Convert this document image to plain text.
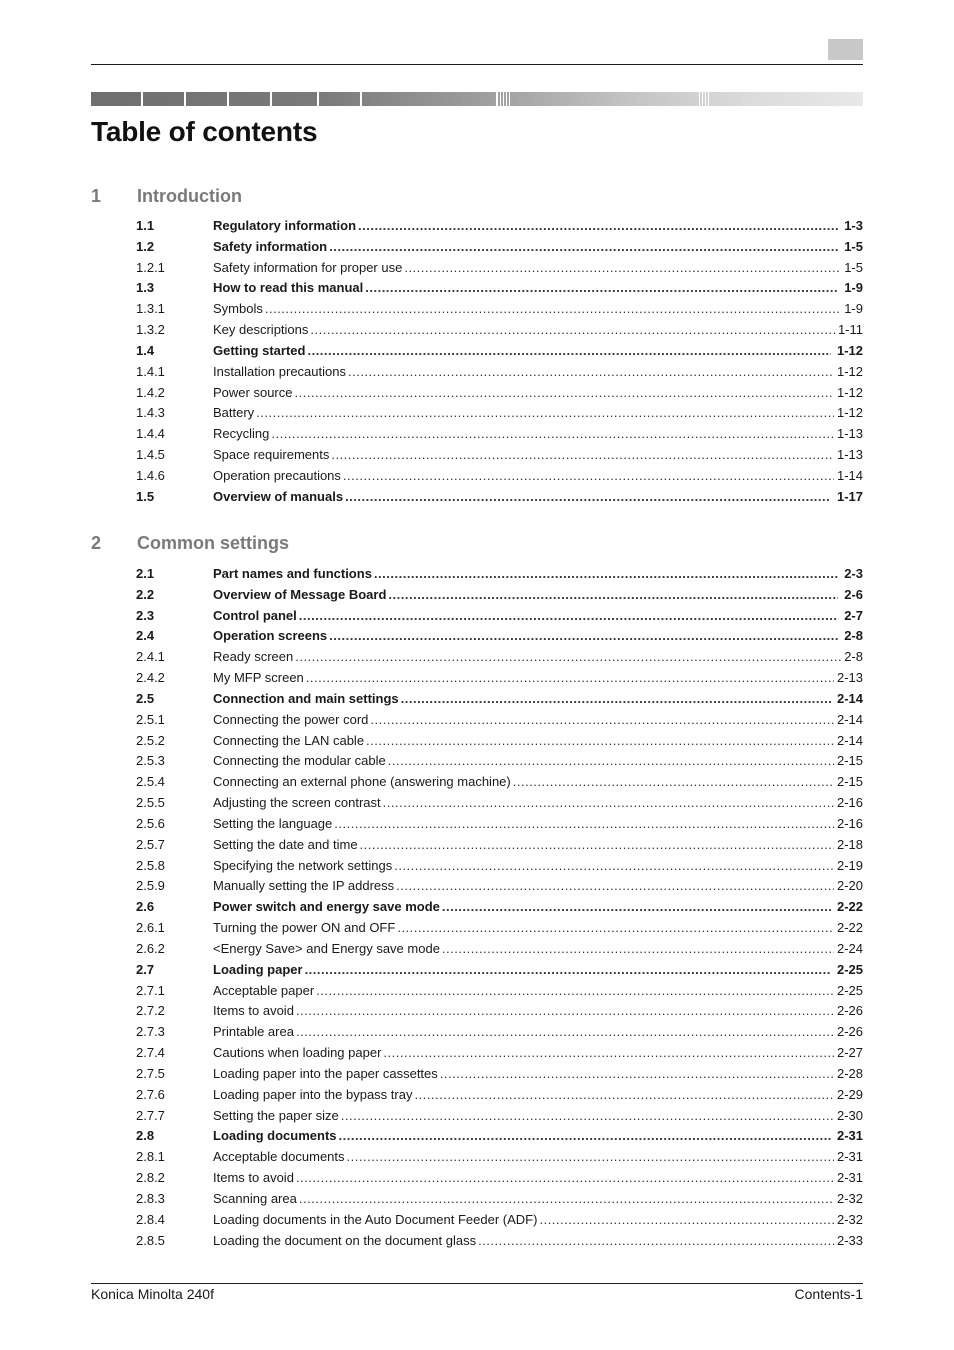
Table of contents
1 Introduction
1.1	Regulatory information .....	1-3
1.2	Safety information .....	1-5
1.2.1	Safety information for proper use .....	1-5
1.3	How to read this manual .....	1-9
1.3.1	Symbols .....	1-9
1.3.2	Key descriptions .....	1-11
1.4	Getting started .....	1-12
1.4.1	Installation precautions .....	1-12
1.4.2	Power source .....	1-12
1.4.3	Battery .....	1-12
1.4.4	Recycling .....	1-13
1.4.5	Space requirements .....	1-13
1.4.6	Operation precautions .....	1-14
1.5	Overview of manuals .....	1-17
2 Common settings
2.1	Part names and functions .....	2-3
2.2	Overview of Message Board .....	2-6
2.3	Control panel .....	2-7
2.4	Operation screens .....	2-8
2.4.1	Ready screen .....	2-8
2.4.2	My MFP screen .....	2-13
2.5	Connection and main settings .....	2-14
2.5.1	Connecting the power cord .....	2-14
2.5.2	Connecting the LAN cable .....	2-14
2.5.3	Connecting the modular cable .....	2-15
2.5.4	Connecting an external phone (answering machine) .....	2-15
2.5.5	Adjusting the screen contrast .....	2-16
2.5.6	Setting the language .....	2-16
2.5.7	Setting the date and time .....	2-18
2.5.8	Specifying the network settings .....	2-19
2.5.9	Manually setting the IP address .....	2-20
2.6	Power switch and energy save mode .....	2-22
2.6.1	Turning the power ON and OFF .....	2-22
2.6.2	<Energy Save> and Energy save mode .....	2-24
2.7	Loading paper .....	2-25
2.7.1	Acceptable paper .....	2-25
2.7.2	Items to avoid .....	2-26
2.7.3	Printable area .....	2-26
2.7.4	Cautions when loading paper .....	2-27
2.7.5	Loading paper into the paper cassettes .....	2-28
2.7.6	Loading paper into the bypass tray .....	2-29
2.7.7	Setting the paper size .....	2-30
2.8	Loading documents .....	2-31
2.8.1	Acceptable documents .....	2-31
2.8.2	Items to avoid .....	2-31
2.8.3	Scanning area .....	2-32
2.8.4	Loading documents in the Auto Document Feeder (ADF) .....	2-32
2.8.5	Loading the document on the document glass .....	2-33
Konica Minolta 240f	Contents-1
